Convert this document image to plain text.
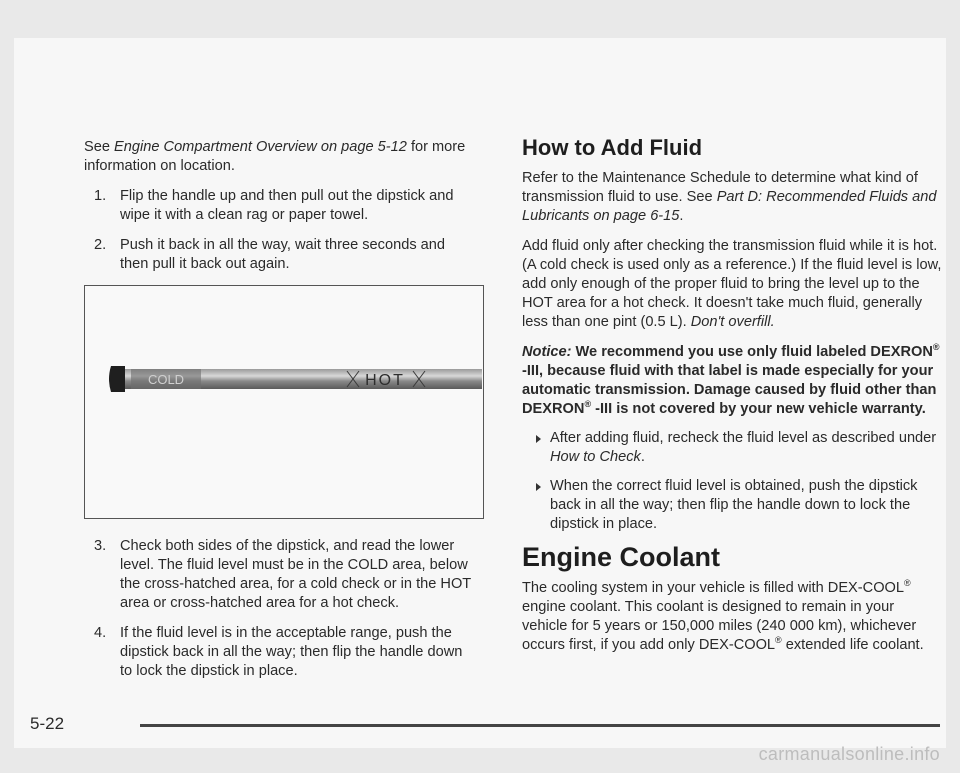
See Engine Compartment Overview on page 5-12 for more information on location.

1. Flip the handle up and then pull out the dipstick and wipe it with a clean rag or paper towel.
2. Push it back in all the way, wait three seconds and then pull it back out again.
COLD	HOT
3. Check both sides of the dipstick, and read the lower level. The fluid level must be in the COLD area, below the cross-hatched area, for a cold check or in the HOT area or cross-hatched area for a hot check.
4. If the fluid level is in the acceptable range, push the dipstick back in all the way; then flip the handle down to lock the dipstick in place.
How to Add Fluid

Refer to the Maintenance Schedule to determine what kind of transmission fluid to use. See Part D: Recommended Fluids and Lubricants on page 6-15.

Add fluid only after checking the transmission fluid while it is hot. (A cold check is used only as a reference.) If the fluid level is low, add only enough of the proper fluid to bring the level up to the HOT area for a hot check. It doesn't take much fluid, generally less than one pint (0.5 L). Don't overfill.

Notice: We recommend you use only fluid labeled DEXRON® -III, because fluid with that label is made especially for your automatic transmission. Damage caused by fluid other than DEXRON® -III is not covered by your new vehicle warranty.

After adding fluid, recheck the fluid level as described under How to Check.
When the correct fluid level is obtained, push the dipstick back in all the way; then flip the handle down to lock the dipstick in place.
Engine Coolant

The cooling system in your vehicle is filled with DEX-COOL® engine coolant. This coolant is designed to remain in your vehicle for 5 years or 150,000 miles (240 000 km), whichever occurs first, if you add only DEX-COOL® extended life coolant.

5-22
carmanualsonline.info
